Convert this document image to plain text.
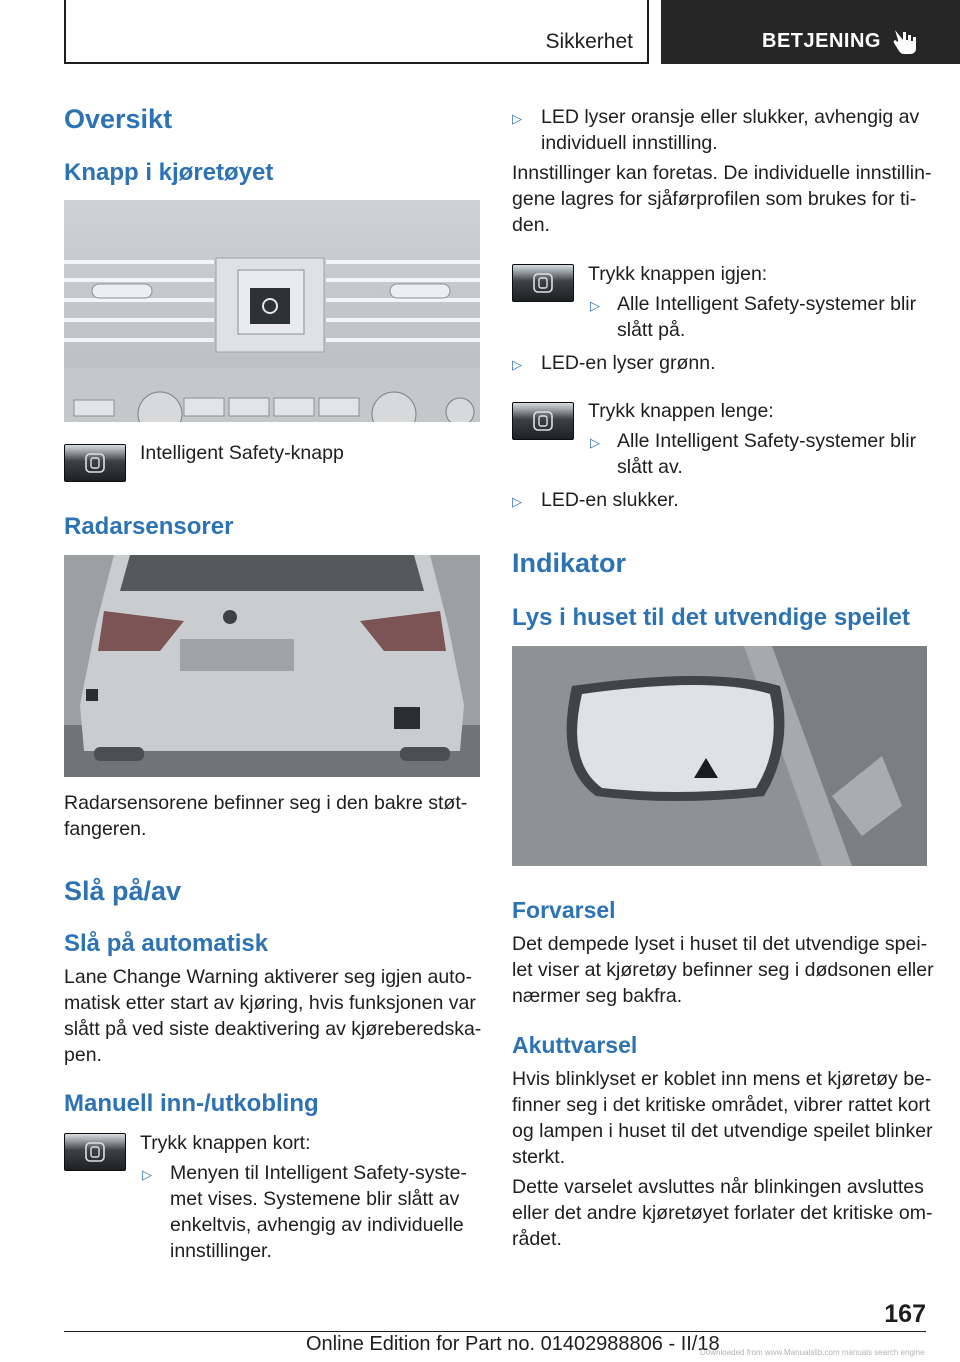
Sikkerhet	BETJENING
Oversikt
Knapp i kjøretøyet
Intelligent Safety-knapp
Radarsensorer
Radarsensorene befinner seg i den bakre støt-
fangeren.
Slå på/av
Slå på automatisk
Lane Change Warning aktiverer seg igjen auto-
matisk etter start av kjøring, hvis funksjonen var
slått på ved siste deaktivering av kjøreberedska-
pen.
Manuell inn-/utkobling
Trykk knappen kort:
▷ Menyen til Intelligent Safety-syste-
met vises. Systemene blir slått av
enkeltvis, avhengig av individuelle
innstillinger.
▷ LED lyser oransje eller slukker, avhengig av
individuell innstilling.
Innstillinger kan foretas. De individuelle innstillin-
gene lagres for sjåførprofilen som brukes for ti-
den.
Trykk knappen igjen:
▷ Alle Intelligent Safety-systemer blir
slått på.
▷ LED-en lyser grønn.
Trykk knappen lenge:
▷ Alle Intelligent Safety-systemer blir
slått av.
▷ LED-en slukker.
Indikator
Lys i huset til det utvendige speilet
Forvarsel
Det dempede lyset i huset til det utvendige spei-
let viser at kjøretøy befinner seg i dødsonen eller
nærmer seg bakfra.
Akuttvarsel
Hvis blinklyset er koblet inn mens et kjøretøy be-
finner seg i det kritiske området, vibrer rattet kort
og lampen i huset til det utvendige speilet blinker
sterkt.
Dette varselet avsluttes når blinkingen avsluttes
eller det andre kjøretøyet forlater det kritiske om-
rådet.
167
Online Edition for Part no. 01402988806 - II/18
Downloaded from www.Manualslib.com manuals search engine
